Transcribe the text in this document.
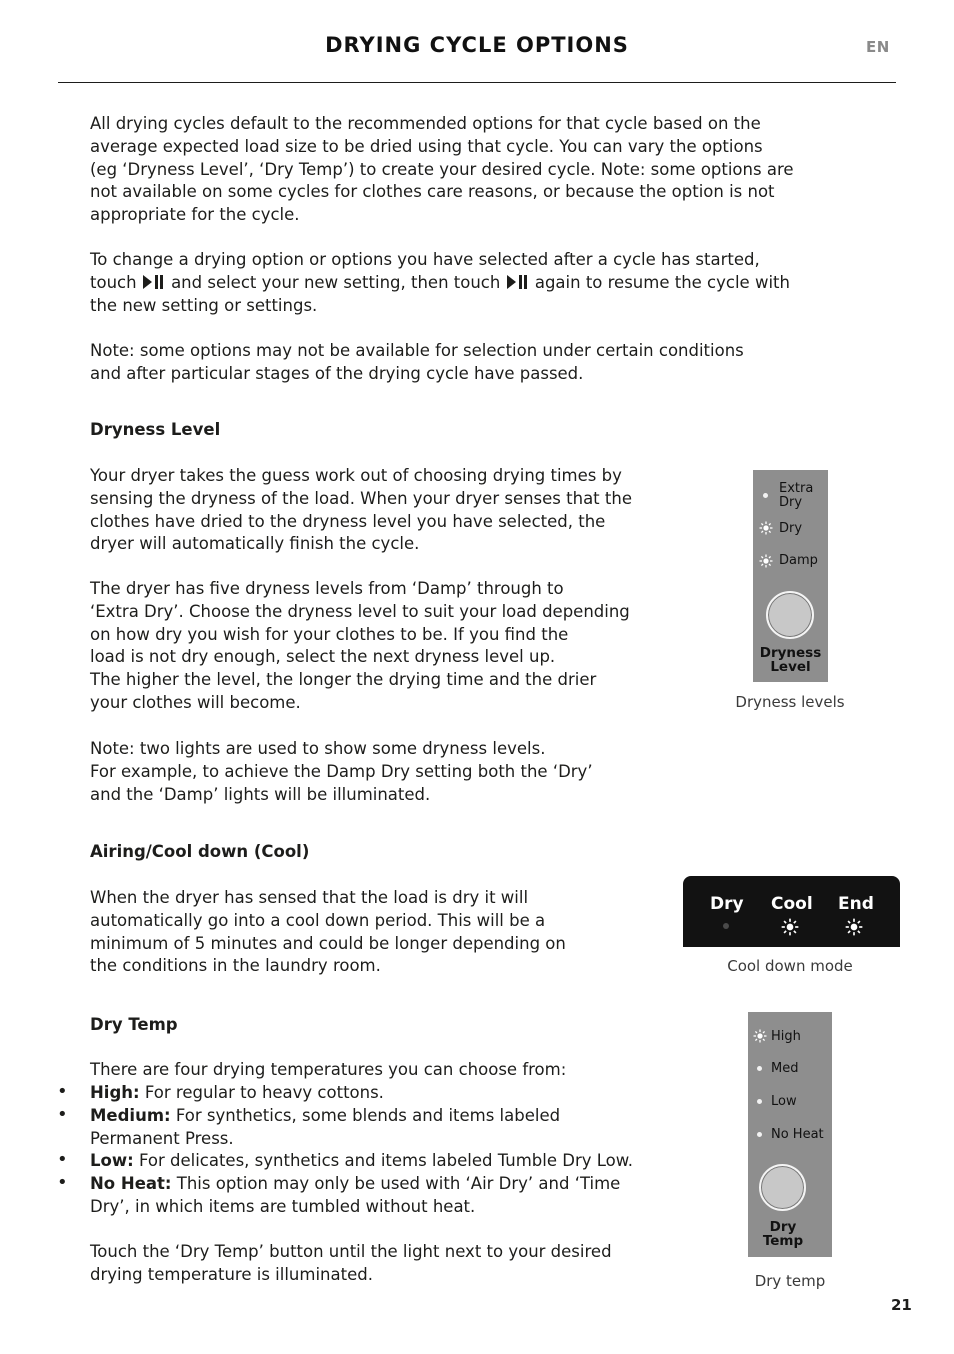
DRYING CYCLE OPTIONS	EN
All drying cycles default to the recommended options for that cycle based on the
average expected load size to be dried using that cycle. You can vary the options
(eg ‘Dryness Level’, ‘Dry Temp’) to create your desired cycle. Note: some options are
not available on some cycles for clothes care reasons, or because the option is not
appropriate for the cycle.
To change a drying option or options you have selected after a cycle has started,
touch and select your new setting, then touch again to resume the cycle with
the new setting or settings.
Note: some options may not be available for selection under certain conditions
and after particular stages of the drying cycle have passed.
Dryness Level
Your dryer takes the guess work out of choosing drying times by
sensing the dryness of the load. When your dryer senses that the
clothes have dried to the dryness level you have selected, the
dryer will automatically finish the cycle.
The dryer has five dryness levels from ‘Damp’ through to
‘Extra Dry’. Choose the dryness level to suit your load depending
on how dry you wish for your clothes to be. If you find the
load is not dry enough, select the next dryness level up.
The higher the level, the longer the drying time and the drier
your clothes will become.
Note: two lights are used to show some dryness levels.
For example, to achieve the Damp Dry setting both the ‘Dry’
and the ‘Damp’ lights will be illuminated.
Extra
Dry
Dry
Damp
Dryness
Level
Dryness levels
Airing/Cool down (Cool)
When the dryer has sensed that the load is dry it will
automatically go into a cool down period. This will be a
minimum of 5 minutes and could be longer depending on
the conditions in the laundry room.
Dry Cool End
Cool down mode
Dry Temp
There are four drying temperatures you can choose from:
• High: For regular to heavy cottons.
• Medium: For synthetics, some blends and items labeled
Permanent Press.
• Low: For delicates, synthetics and items labeled Tumble Dry Low.
• No Heat: This option may only be used with ‘Air Dry’ and ‘Time
Dry’, in which items are tumbled without heat.
Touch the ‘Dry Temp’ button until the light next to your desired
drying temperature is illuminated.
High
Med
Low
No Heat
Dry
Temp
Dry temp
21
